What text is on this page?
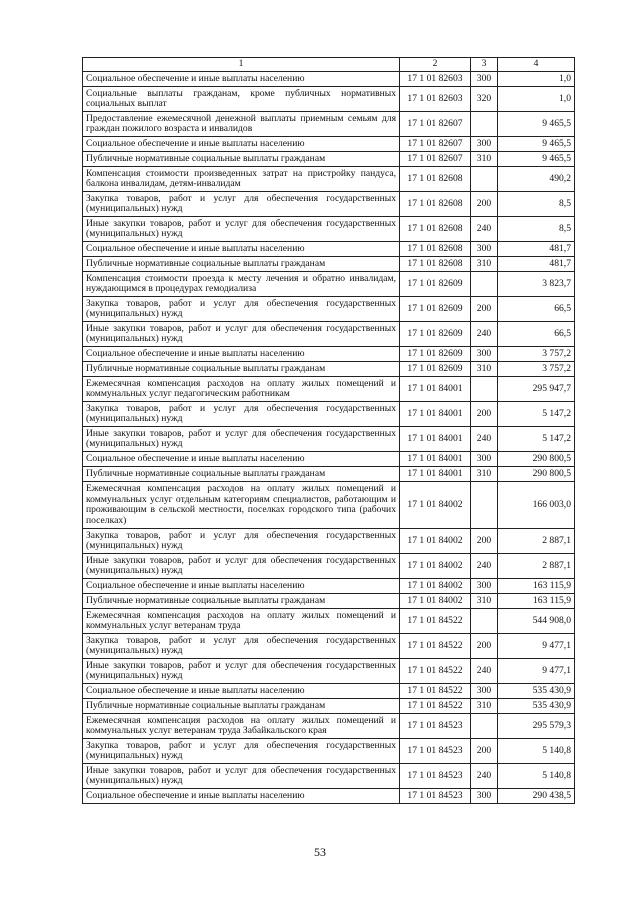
1	2	3	4
Социальное обеспечение и иные выплаты населению	17 1 01 82603	300	1,0
Социальные выплаты гражданам, кроме публичных нормативных социальных выплат	17 1 01 82603	320	1,0
Предоставление ежемесячной денежной выплаты приемным семьям для граждан пожилого возраста и инвалидов	17 1 01 82607		9 465,5
Социальное обеспечение и иные выплаты населению	17 1 01 82607	300	9 465,5
Публичные нормативные социальные выплаты гражданам	17 1 01 82607	310	9 465,5
Компенсация стоимости произведенных затрат на пристройку пандуса, балкона инвалидам, детям-инвалидам	17 1 01 82608		490,2
Закупка товаров, работ и услуг для обеспечения государственных (муниципальных) нужд	17 1 01 82608	200	8,5
Иные закупки товаров, работ и услуг для обеспечения государственных (муниципальных) нужд	17 1 01 82608	240	8,5
Социальное обеспечение и иные выплаты населению	17 1 01 82608	300	481,7
Публичные нормативные социальные выплаты гражданам	17 1 01 82608	310	481,7
Компенсация стоимости проезда к месту лечения и обратно инвалидам, нуждающимся в процедурах гемодиализа	17 1 01 82609		3 823,7
Закупка товаров, работ и услуг для обеспечения государственных (муниципальных) нужд	17 1 01 82609	200	66,5
Иные закупки товаров, работ и услуг для обеспечения государственных (муниципальных) нужд	17 1 01 82609	240	66,5
Социальное обеспечение и иные выплаты населению	17 1 01 82609	300	3 757,2
Публичные нормативные социальные выплаты гражданам	17 1 01 82609	310	3 757,2
Ежемесячная компенсация расходов на оплату жилых помещений и коммунальных услуг педагогическим работникам	17 1 01 84001		295 947,7
Закупка товаров, работ и услуг для обеспечения государственных (муниципальных) нужд	17 1 01 84001	200	5 147,2
Иные закупки товаров, работ и услуг для обеспечения государственных (муниципальных) нужд	17 1 01 84001	240	5 147,2
Социальное обеспечение и иные выплаты населению	17 1 01 84001	300	290 800,5
Публичные нормативные социальные выплаты гражданам	17 1 01 84001	310	290 800,5
Ежемесячная компенсация расходов на оплату жилых помещений и коммунальных услуг отдельным категориям специалистов, работающим и проживающим в сельской местности, поселках городского типа (рабочих поселках)	17 1 01 84002		166 003,0
Закупка товаров, работ и услуг для обеспечения государственных (муниципальных) нужд	17 1 01 84002	200	2 887,1
Иные закупки товаров, работ и услуг для обеспечения государственных (муниципальных) нужд	17 1 01 84002	240	2 887,1
Социальное обеспечение и иные выплаты населению	17 1 01 84002	300	163 115,9
Публичные нормативные социальные выплаты гражданам	17 1 01 84002	310	163 115,9
Ежемесячная компенсация расходов на оплату жилых помещений и коммунальных услуг ветеранам труда	17 1 01 84522		544 908,0
Закупка товаров, работ и услуг для обеспечения государственных (муниципальных) нужд	17 1 01 84522	200	9 477,1
Иные закупки товаров, работ и услуг для обеспечения государственных (муниципальных) нужд	17 1 01 84522	240	9 477,1
Социальное обеспечение и иные выплаты населению	17 1 01 84522	300	535 430,9
Публичные нормативные социальные выплаты гражданам	17 1 01 84522	310	535 430,9
Ежемесячная компенсация расходов на оплату жилых помещений и коммунальных услуг ветеранам труда Забайкальского края	17 1 01 84523		295 579,3
Закупка товаров, работ и услуг для обеспечения государственных (муниципальных) нужд	17 1 01 84523	200	5 140,8
Иные закупки товаров, работ и услуг для обеспечения государственных (муниципальных) нужд	17 1 01 84523	240	5 140,8
Социальное обеспечение и иные выплаты населению	17 1 01 84523	300	290 438,5
53
